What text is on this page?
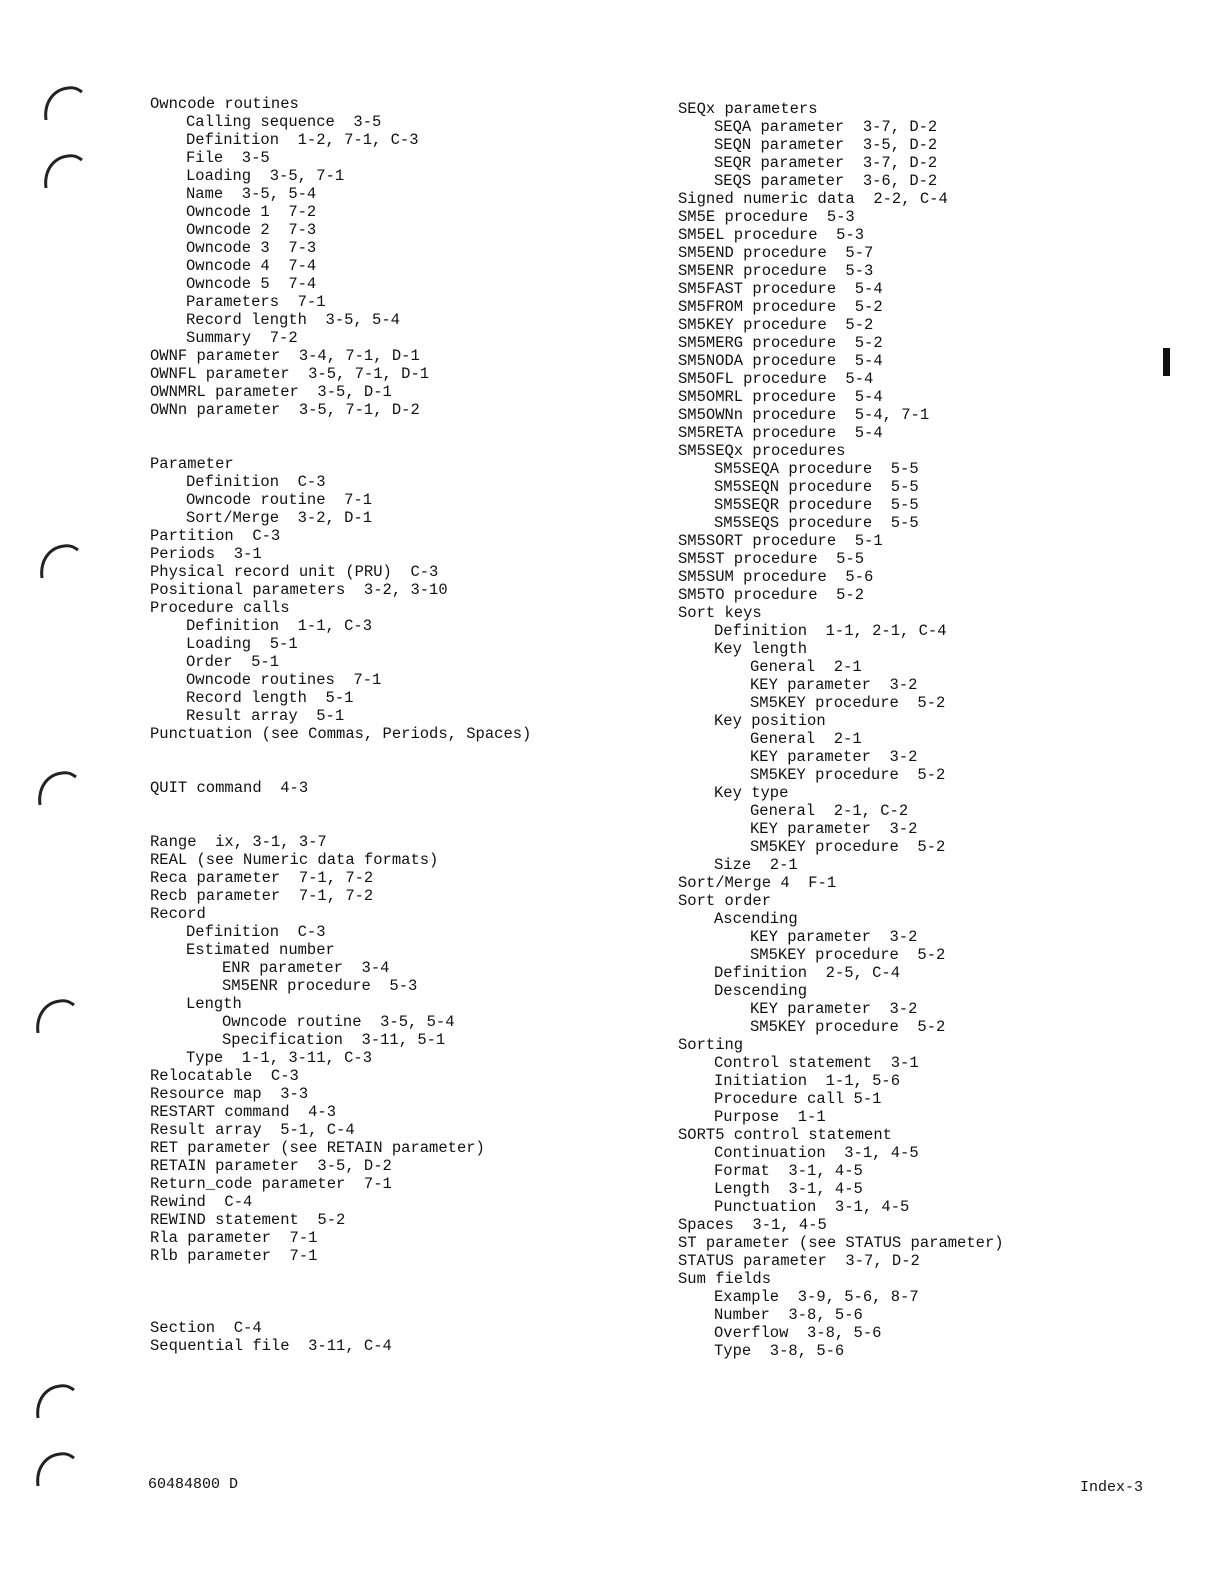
Owncode routines
Calling sequence  3-5
Definition  1-2, 7-1, C-3
File  3-5
Loading  3-5, 7-1
Name  3-5, 5-4
Owncode 1  7-2
Owncode 2  7-3
Owncode 3  7-3
Owncode 4  7-4
Owncode 5  7-4
Parameters  7-1
Record length  3-5, 5-4
Summary  7-2
OWNF parameter  3-4, 7-1, D-1
OWNFL parameter  3-5, 7-1, D-1
OWNMRL parameter  3-5, D-1
OWNn parameter  3-5, 7-1, D-2
Parameter
Definition  C-3
Owncode routine  7-1
Sort/Merge  3-2, D-1
Partition  C-3
Periods  3-1
Physical record unit (PRU)  C-3
Positional parameters  3-2, 3-10
Procedure calls
Definition  1-1, C-3
Loading  5-1
Order  5-1
Owncode routines  7-1
Record length  5-1
Result array  5-1
Punctuation (see Commas, Periods, Spaces)
QUIT command  4-3
Range  ix, 3-1, 3-7
REAL (see Numeric data formats)
Reca parameter  7-1, 7-2
Recb parameter  7-1, 7-2
Record
Definition  C-3
Estimated number
ENR parameter  3-4
SM5ENR procedure  5-3
Length
Owncode routine  3-5, 5-4
Specification  3-11, 5-1
Type  1-1, 3-11, C-3
Relocatable  C-3
Resource map  3-3
RESTART command  4-3
Result array  5-1, C-4
RET parameter (see RETAIN parameter)
RETAIN parameter  3-5, D-2
Return_code parameter  7-1
Rewind  C-4
REWIND statement  5-2
Rla parameter  7-1
Rlb parameter  7-1
Section  C-4
Sequential file  3-11, C-4
SEQx parameters
SEQA parameter  3-7, D-2
SEQN parameter  3-5, D-2
SEQR parameter  3-7, D-2
SEQS parameter  3-6, D-2
Signed numeric data  2-2, C-4
SM5E procedure  5-3
SM5EL procedure  5-3
SM5END procedure  5-7
SM5ENR procedure  5-3
SM5FAST procedure  5-4
SM5FROM procedure  5-2
SM5KEY procedure  5-2
SM5MERG procedure  5-2
SM5NODA procedure  5-4
SM5OFL procedure  5-4
SM5OMRL procedure  5-4
SM5OWNn procedure  5-4, 7-1
SM5RETA procedure  5-4
SM5SEQx procedures
SM5SEQA procedure  5-5
SM5SEQN procedure  5-5
SM5SEQR procedure  5-5
SM5SEQS procedure  5-5
SM5SORT procedure  5-1
SM5ST procedure  5-5
SM5SUM procedure  5-6
SM5TO procedure  5-2
Sort keys
Definition  1-1, 2-1, C-4
Key length
General  2-1
KEY parameter  3-2
SM5KEY procedure  5-2
Key position
General  2-1
KEY parameter  3-2
SM5KEY procedure  5-2
Key type
General  2-1, C-2
KEY parameter  3-2
SM5KEY procedure  5-2
Size  2-1
Sort/Merge 4  F-1
Sort order
Ascending
KEY parameter  3-2
SM5KEY procedure  5-2
Definition  2-5, C-4
Descending
KEY parameter  3-2
SM5KEY procedure  5-2
Sorting
Control statement  3-1
Initiation  1-1, 5-6
Procedure call 5-1
Purpose  1-1
SORT5 control statement
Continuation  3-1, 4-5
Format  3-1, 4-5
Length  3-1, 4-5
Punctuation  3-1, 4-5
Spaces  3-1, 4-5
ST parameter (see STATUS parameter)
STATUS parameter  3-7, D-2
Sum fields
Example  3-9, 5-6, 8-7
Number  3-8, 5-6
Overflow  3-8, 5-6
Type  3-8, 5-6
60484800 D	Index-3
